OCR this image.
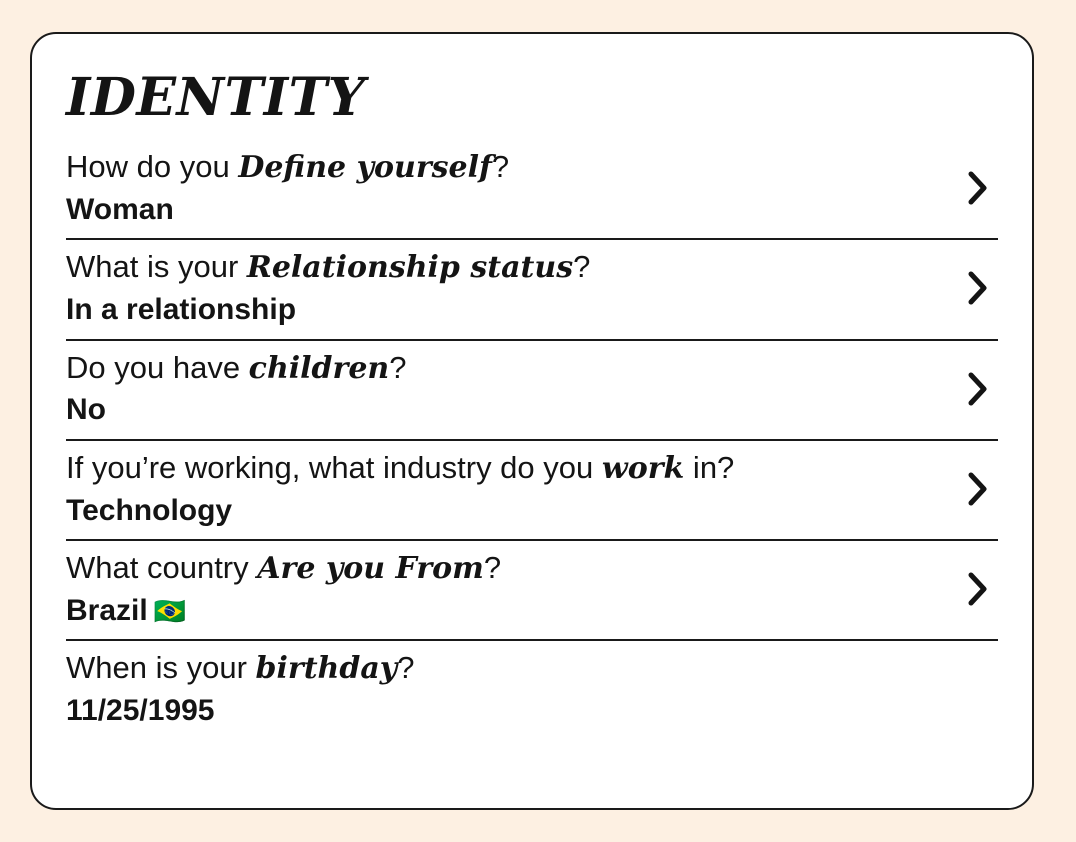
IDENTITY
How do you Define yourself?
Woman
What is your Relationship status?
In a relationship
Do you have children?
No
If you’re working, what industry do you work in?
Technology
What country Are you From?
Brazil 🇧🇷
When is your birthday?
11/25/1995
